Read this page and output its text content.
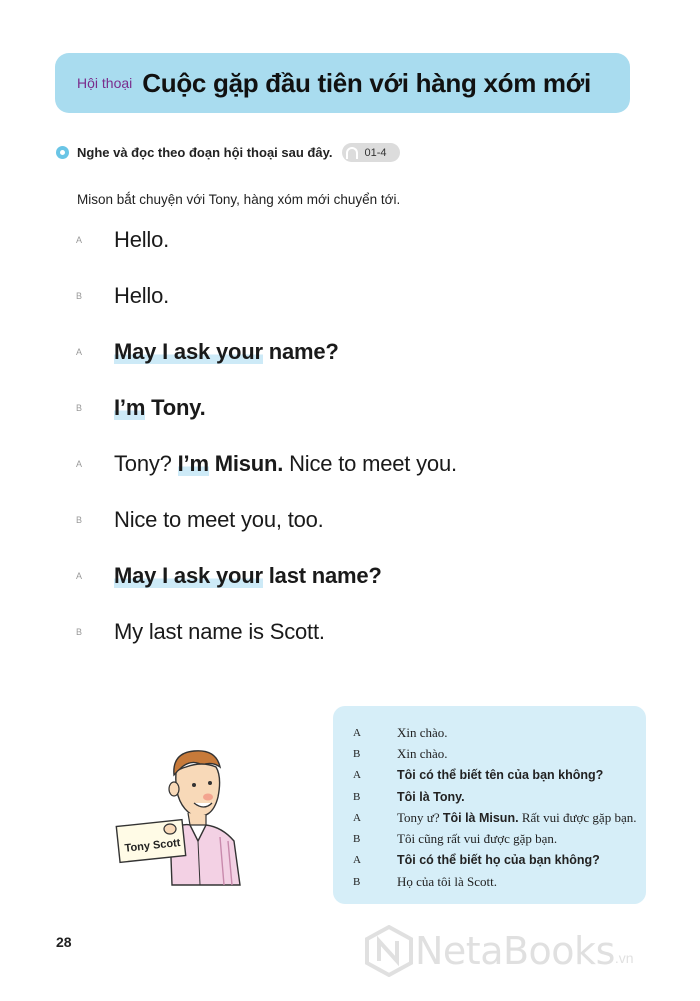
Hội thoại Cuộc gặp đầu tiên với hàng xóm mới
Nghe và đọc theo đoạn hội thoại sau đây.	01-4
Mison bắt chuyện với Tony, hàng xóm mới chuyển tới.
A	Hello.
B	Hello.
A	May I ask your name?
B	I’m Tony.
A	Tony? I’m Misun. Nice to meet you.
B	Nice to meet you, too.
A	May I ask your last name?
B	My last name is Scott.
Tony Scott
A	Xin chào.
B	Xin chào.
A	Tôi có thể biết tên của bạn không?
B	Tôi là Tony.
A	Tony ư? Tôi là Misun. Rất vui được gặp bạn.
B	Tôi cũng rất vui được gặp bạn.
A	Tôi có thể biết họ của bạn không?
B	Họ của tôi là Scott.
28	NetaBooks .vn
